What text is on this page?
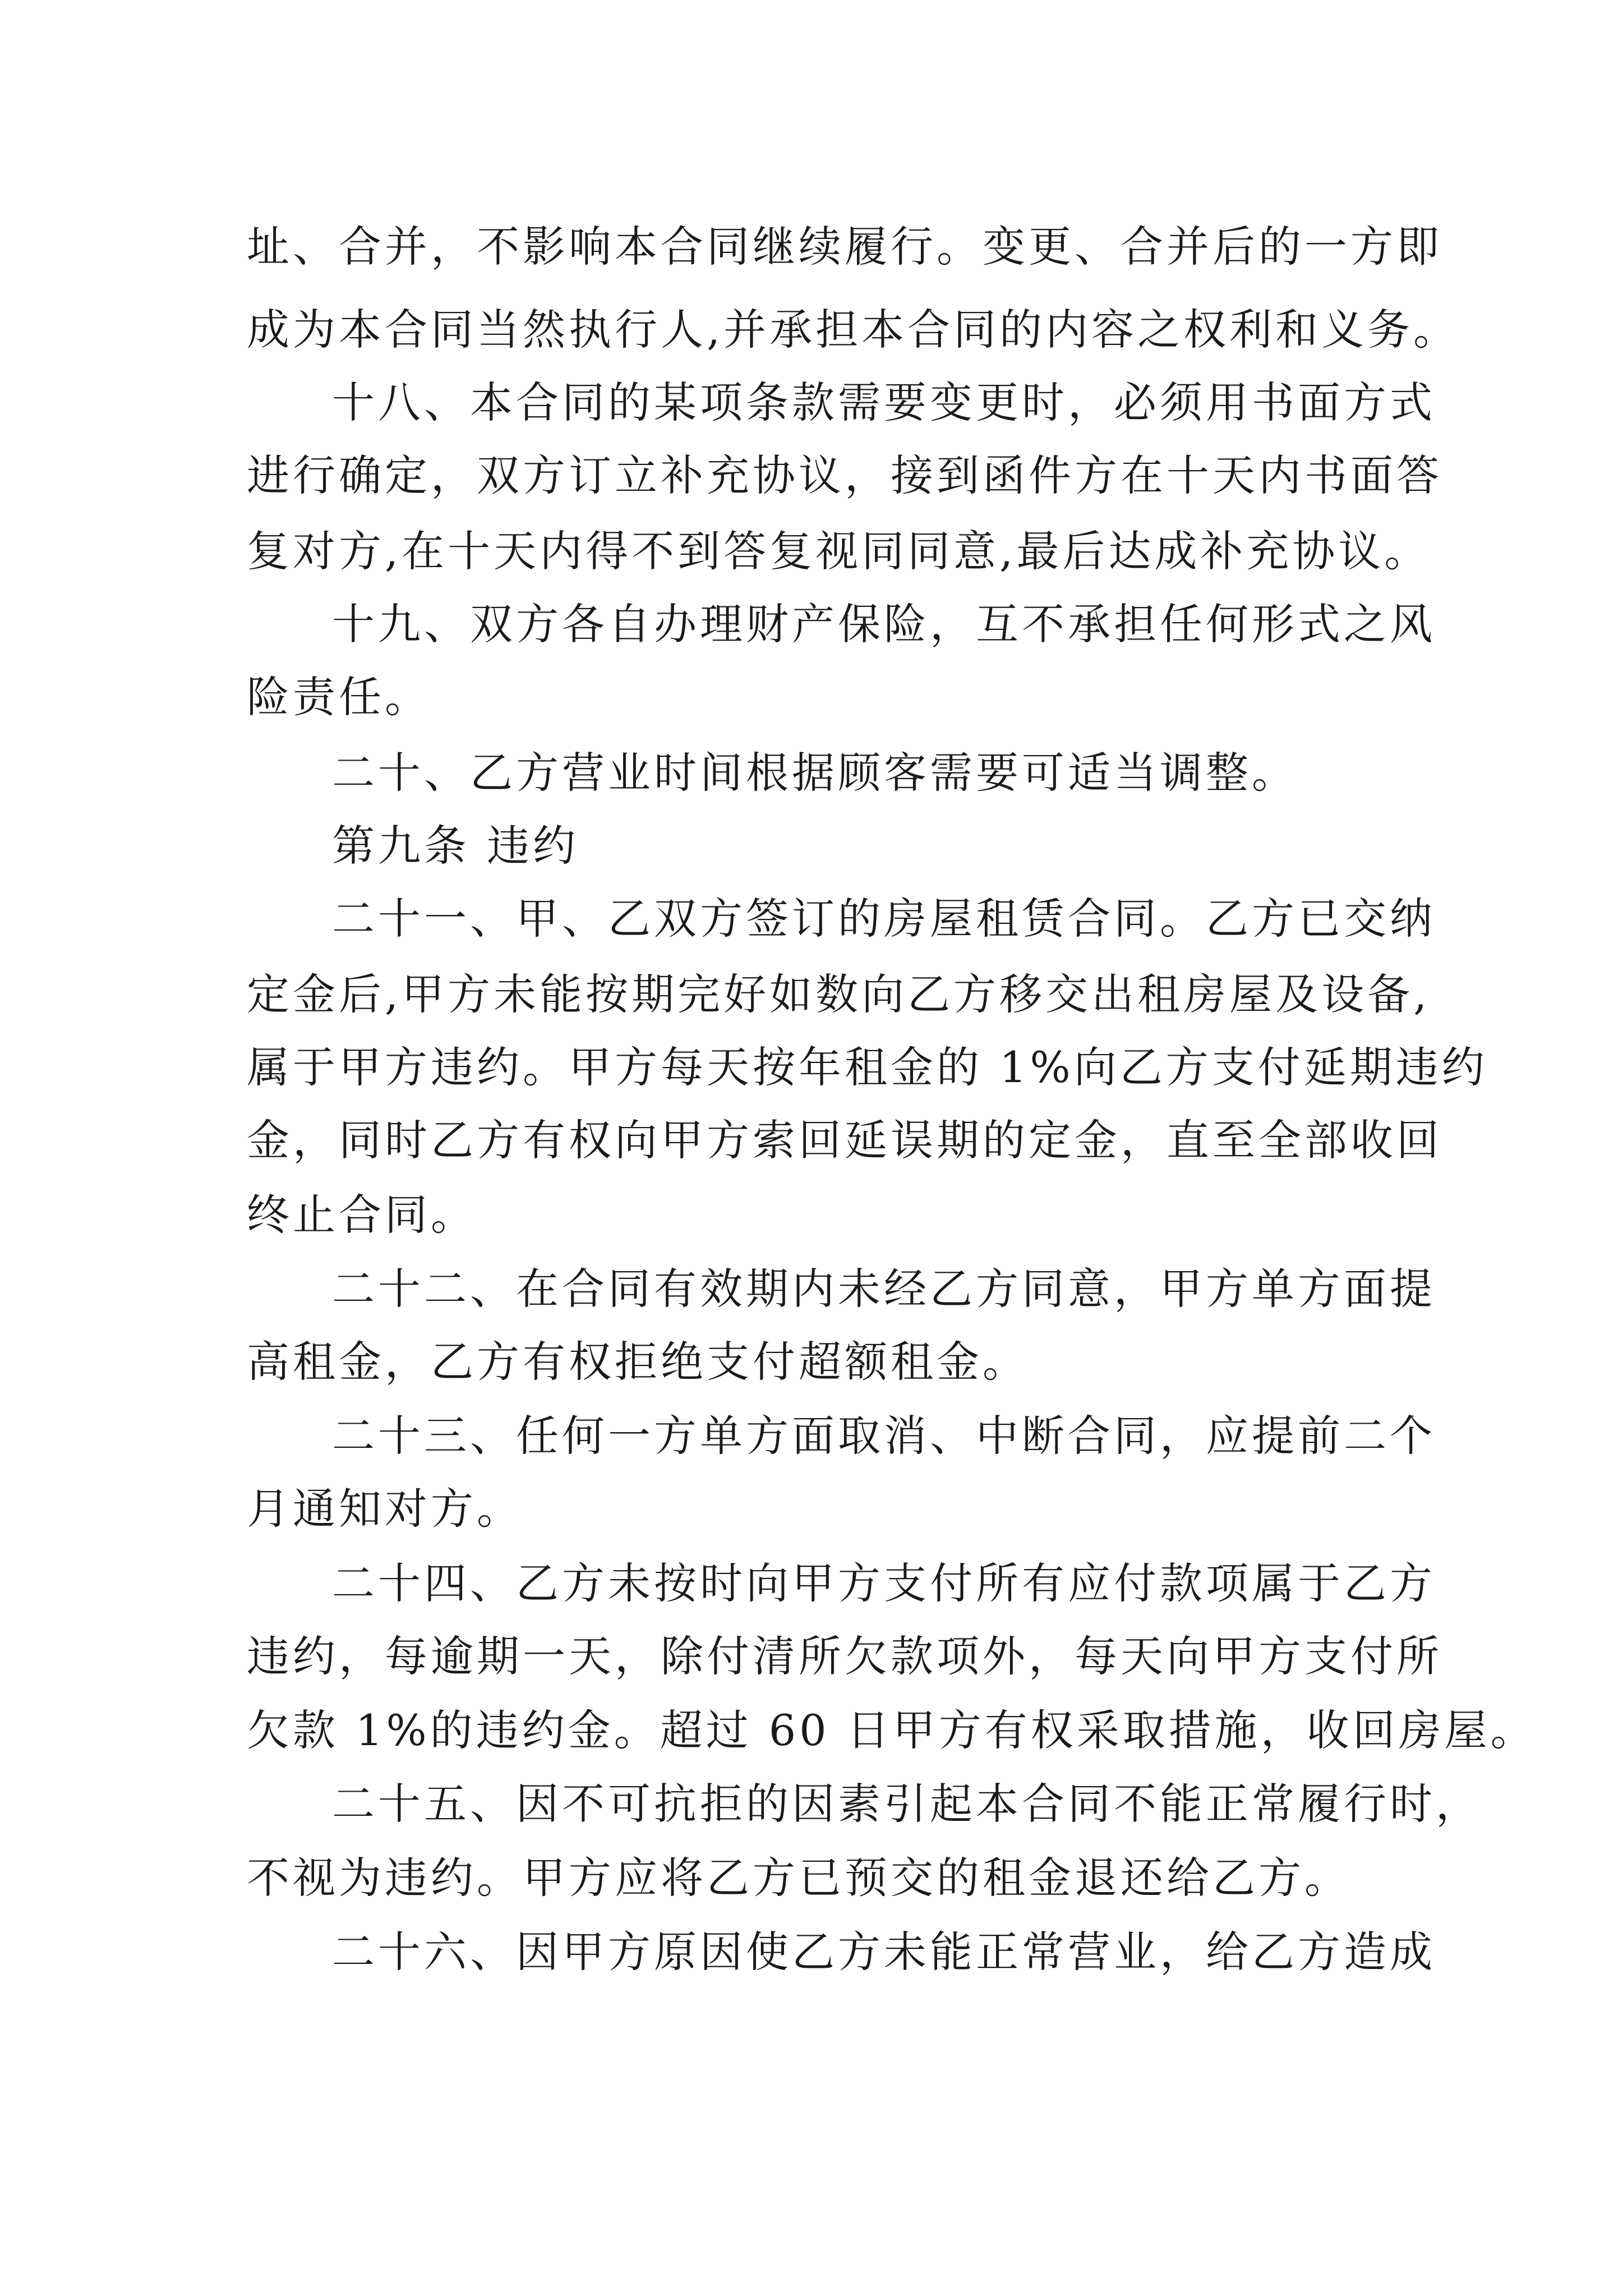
址、合并，不影响本合同继续履行。变更、合并后的一方即
成为本合同当然执行人,并承担本合同的内容之权利和义务。
十八、本合同的某项条款需要变更时，必须用书面方式
进行确定，双方订立补充协议，接到函件方在十天内书面答
复对方,在十天内得不到答复视同同意,最后达成补充协议。
十九、双方各自办理财产保险，互不承担任何形式之风
险责任。
二十、乙方营业时间根据顾客需要可适当调整。
第九条 违约
二十一、甲、乙双方签订的房屋租赁合同。乙方已交纳
定金后,甲方未能按期完好如数向乙方移交出租房屋及设备,
属于甲方违约。甲方每天按年租金的 1%向乙方支付延期违约
金，同时乙方有权向甲方索回延误期的定金，直至全部收回
终止合同。
二十二、在合同有效期内未经乙方同意，甲方单方面提
高租金，乙方有权拒绝支付超额租金。
二十三、任何一方单方面取消、中断合同，应提前二个
月通知对方。
二十四、乙方未按时向甲方支付所有应付款项属于乙方
违约，每逾期一天，除付清所欠款项外，每天向甲方支付所
欠款 1%的违约金。超过 60 日甲方有权采取措施，收回房屋。
二十五、因不可抗拒的因素引起本合同不能正常履行时，
不视为违约。甲方应将乙方已预交的租金退还给乙方。
二十六、因甲方原因使乙方未能正常营业，给乙方造成
